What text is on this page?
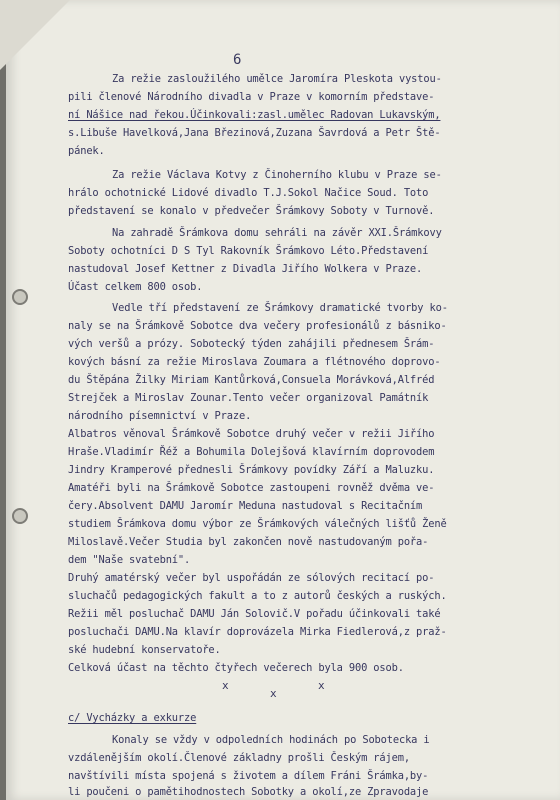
6
Za režie zasloužilého umělce Jaromíra Pleskota vystou-
pili členové Národního divadla v Praze v komorním představe-
ní Nášice nad řekou.Účinkovali:zasl.umělec Radovan Lukavským,
s.Libuše Havelková,Jana Březinová,Zuzana Šavrdová a Petr Ště-
pánek.
Za režie Václava Kotvy z Činoherního klubu v Praze se-
hrálo ochotnické Lidové divadlo T.J.Sokol Načice Soud. Toto
představení se konalo v předvečer Šrámkovy Soboty v Turnově.
Na zahradě Šrámkova domu sehráli na závěr XXI.Šrámkovy
Soboty ochotníci D S Tyl Rakovník Šrámkovo Léto.Představení
nastudoval Josef Kettner z Divadla Jiřího Wolkera v Praze.
Účast celkem 800 osob.
Vedle tří představení ze Šrámkovy dramatické tvorby ko-
naly se na Šrámkově Sobotce dva večery profesionálů z básniko-
vých veršů a prózy. Sobotecký týden zahájili přednesem Šrám-
kových básní za režie Miroslava Zoumara a flétnového doprovo-
du Štěpána Žilky Miriam Kantůrková,Consuela Morávková,Alfréd
Strejček a Miroslav Zounar.Tento večer organizoval Památník
národního písemnictví v Praze.
Albatros věnoval Šrámkově Sobotce druhý večer v režii Jiřího
Hraše.Vladimír Řéž a Bohumila Dolejšová klavírním doprovodem
Jindry Kramperové přednesli Šrámkovy povídky Září a Maluzku.
Amatéři byli na Šrámkově Sobotce zastoupeni rovněž dvěma ve-
čery.Absolvent DAMU Jaromír Meduna nastudoval s Recitačním
studiem Šrámkova domu výbor ze Šrámkových válečných lišťů Ženě
Miloslavě.Večer Studia byl zakončen nově nastudovaným pořa-
dem "Naše svatební".
Druhý amatérský večer byl uspořádán ze sólových recitací po-
sluchačů pedagogických fakult a to z autorů českých a ruských.
Režii měl posluchač DAMU Ján Solovič.V pořadu účinkovali také
posluchači DAMU.Na klavír doprovázela Mirka Fiedlerová,z praž-
ské hudební konservatoře.
Celková účast na těchto čtyřech večerech byla 900 osob.
c/ Vycházky a exkurze
Konaly se vždy v odpoledních hodinách po Sobotecka i
vzdálenějším okolí.Členové základny prošli Českým rájem,
navštívili místa spojená s životem a dílem Fráni Šrámka,by-
li poučeni o pamětihodnostech Sobotky a okolí,ze Zpravodaje
x
x
x
